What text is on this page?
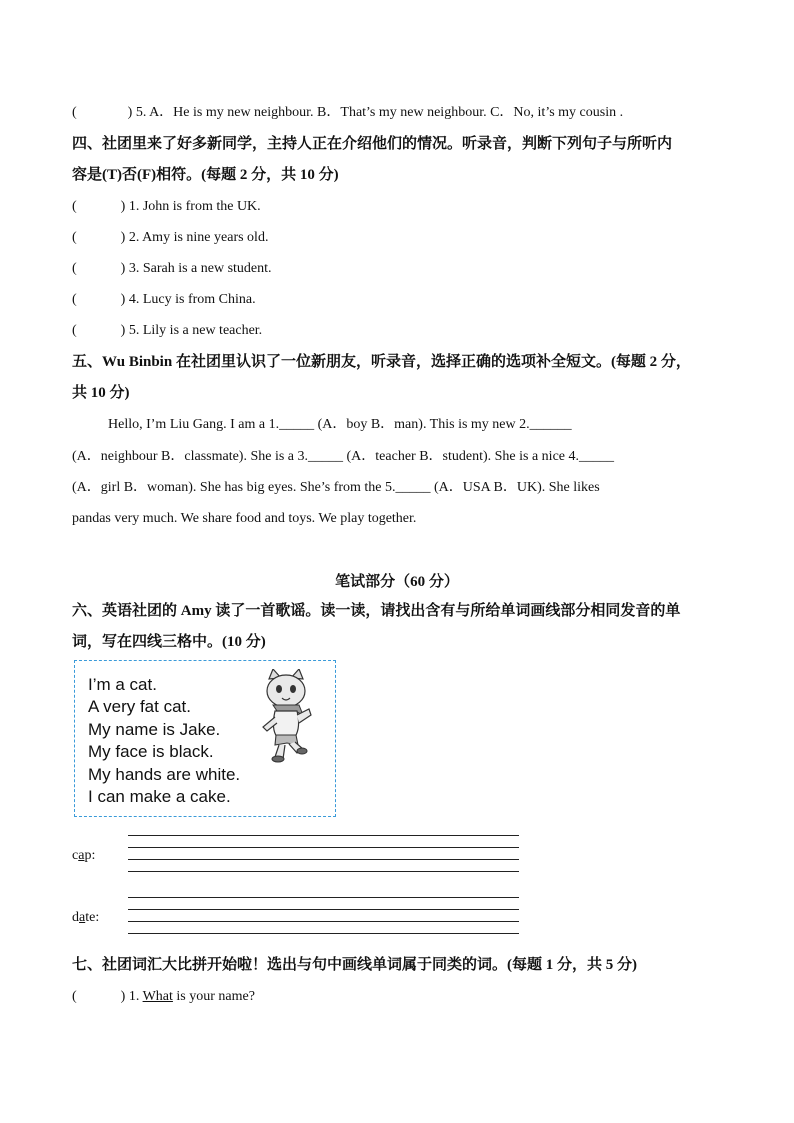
(	) 5. A．He is my new neighbour. B．That’s my new neighbour. C．No, it’s my cousin .
四、社团里来了好多新同学，主持人正在介绍他们的情况。听录音，判断下列句子与所听内
容是(T)否(F)相符。(每题 2 分，共 10 分)
(	) 1. John is from the UK.
(	) 2. Amy is nine years old.
(	) 3. Sarah is a new student.
(	) 4. Lucy is from China.
(	) 5. Lily is a new teacher.
五、Wu Binbin 在社团里认识了一位新朋友，听录音，选择正确的选项补全短文。(每题 2 分，
共 10 分)
Hello, I’m Liu Gang. I am a 1._____ (A．boy B．man). This is my new 2.______
(A．neighbour B．classmate). She is a 3._____ (A．teacher B．student). She is a nice 4._____
(A．girl B．woman). She has big eyes. She’s from the 5._____ (A．USA B．UK). She likes
pandas very much. We share food and toys. We play together.
笔试部分（60 分）
六、英语社团的 Amy 读了一首歌谣。读一读，请找出含有与所给单词画线部分相同发音的单
词，写在四线三格中。(10 分)
I’m a cat.
A very fat cat.
My name is Jake.
My face is black.
My hands are white.
I can make a cake.
cap:
date:
七、社团词汇大比拼开始啦！选出与句中画线单词属于同类的词。(每题 1 分，共 5 分)
(	) 1. What is your name?
